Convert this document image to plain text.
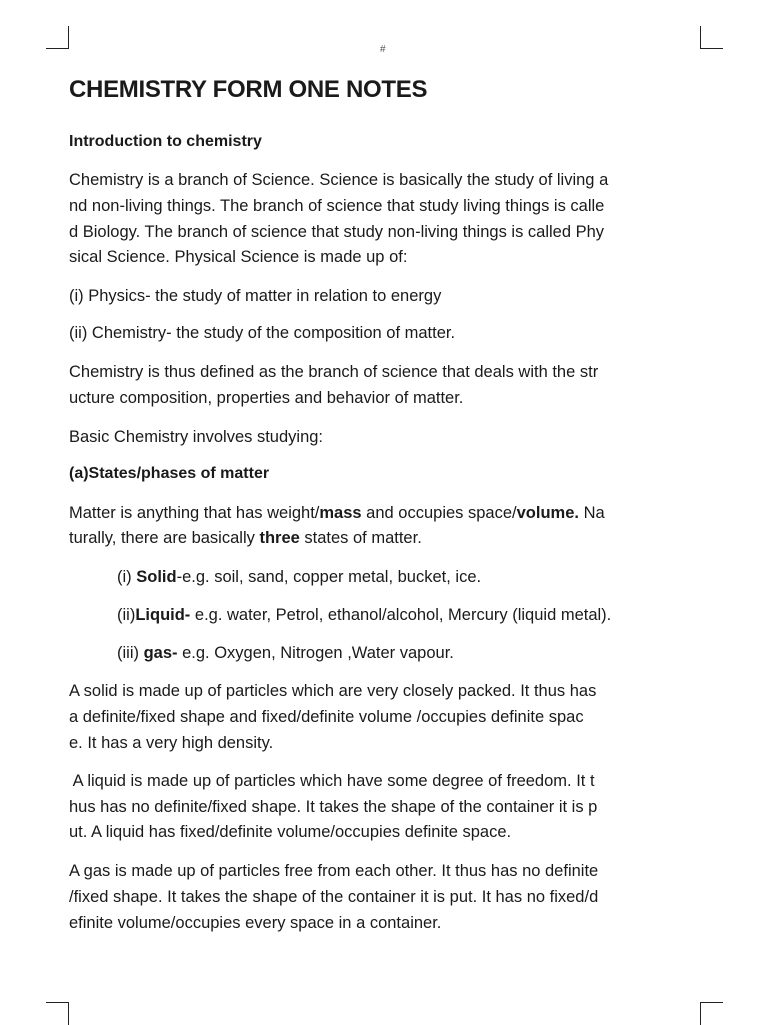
#
CHEMISTRY FORM ONE NOTES
Introduction to chemistry
Chemistry is a branch of Science. Science is basically the study of living a
nd non-living things. The branch of science that study living things is calle
d Biology. The branch of science that study non-living things is called Phy
sical Science. Physical Science is made up of:
(i) Physics- the study of matter in relation to energy
(ii) Chemistry- the study of the composition of matter.
Chemistry is thus defined as the branch of science that deals with the str
ucture composition, properties and behavior of matter.
Basic Chemistry involves studying:
(a)States/phases of matter
Matter is anything that has weight/mass and occupies space/volume. Na
turally, there are basically three states of matter.
(i) Solid-e.g. soil, sand, copper metal, bucket, ice.
(ii)Liquid- e.g. water, Petrol, ethanol/alcohol, Mercury (liquid metal).
(iii) gas- e.g. Oxygen, Nitrogen ,Water vapour.
A solid is made up of particles which are very closely packed. It thus has
a definite/fixed shape and fixed/definite volume /occupies definite spac
e. It has a very high density.
A liquid is made up of particles which have some degree of freedom. It t
hus has no definite/fixed shape. It takes the shape of the container it is p
ut. A liquid has fixed/definite volume/occupies definite space.
A gas is made up of particles free from each other. It thus has no definite
/fixed shape. It takes the shape of the container it is put. It has no fixed/d
efinite volume/occupies every space in a container.
